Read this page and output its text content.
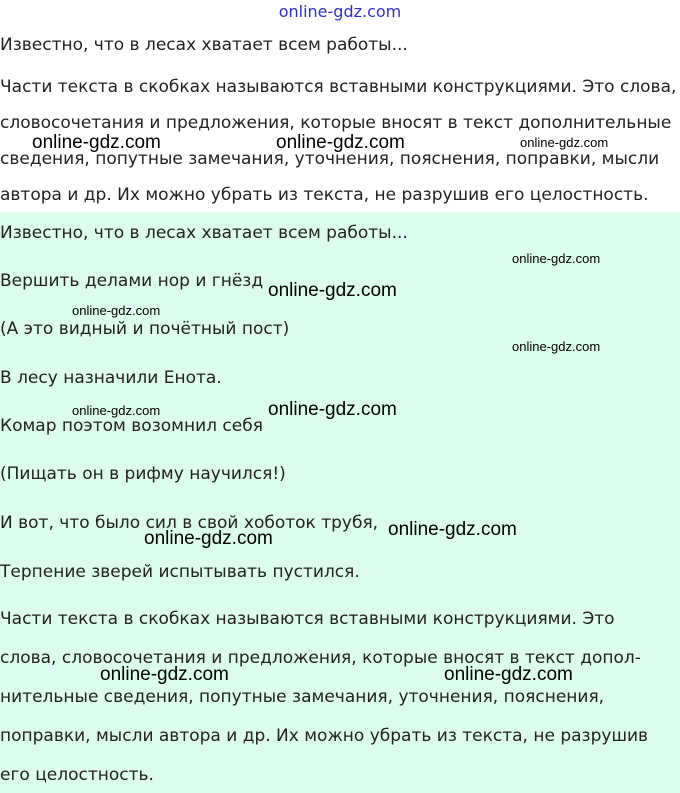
online-gdz.com
Известно, что в лесах хватает всем работы...
Части текста в скобках называются вставными конструкциями. Это слова,
словосочетания и предложения, которые вносят в текст дополнительные
сведения, попутные замечания, уточнения, пояснения, поправки, мысли
автора и др. Их можно убрать из текста, не разрушив его целостность.
Известно, что в лесах хватает всем работы...
Вершить делами нор и гнёзд
(А это видный и почётный пост)
В лесу назначили Енота.
Комар поэтом возомнил себя
(Пищать он в рифму научился!)
И вот, что было сил в свой хоботок трубя,
Терпение зверей испытывать пустился.
Части текста в скобках называются вставными конструкциями. Это
слова, словосочетания и предложения, которые вносят в текст допол-
нительные сведения, попутные замечания, уточнения, пояснения,
поправки, мысли автора и др. Их можно убрать из текста, не разрушив
его целостность.
online-gdz.com	online-gdz.com	online-gdz.com
online-gdz.com
online-gdz.com
online-gdz.com
online-gdz.com
online-gdz.com	online-gdz.com
online-gdz.com
online-gdz.com
online-gdz.com	online-gdz.com
